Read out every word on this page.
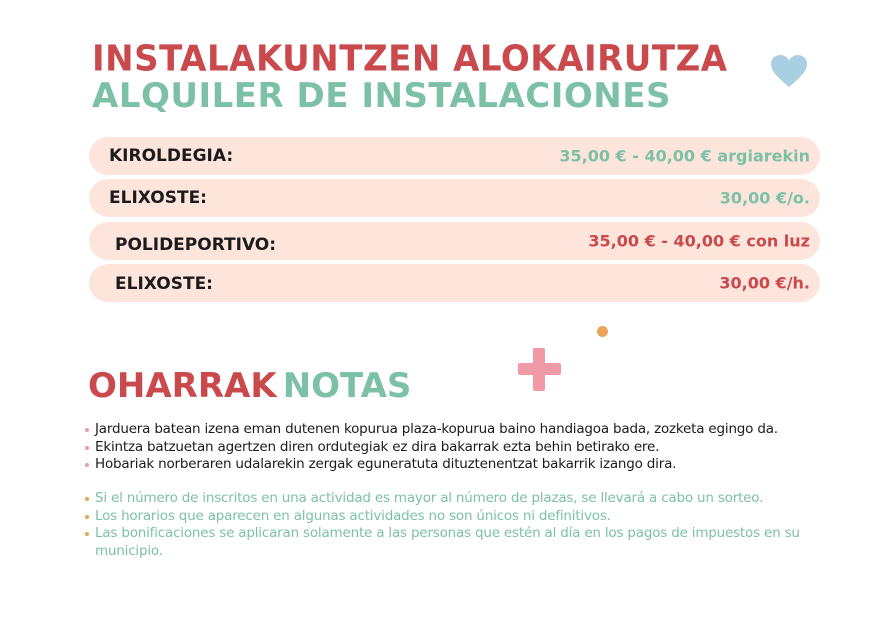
INSTALAKUNTZEN ALOKAIRUTZA
ALQUILER DE INSTALACIONES
KIROLDEGIA:	35,00 € - 40,00 € argiarekin
ELIXOSTE:	30,00 €/o.
POLIDEPORTIVO:	35,00 € - 40,00 € con luz
ELIXOSTE:	30,00 €/h.
OHARRAK NOTAS
Jarduera batean izena eman dutenen kopurua plaza-kopurua baino handiagoa bada, zozketa egingo da.
Ekintza batzuetan agertzen diren ordutegiak ez dira bakarrak ezta behin betirako ere.
Hobariak norberaren udalarekin zergak eguneratuta dituztenentzat bakarrik izango dira.
Si el número de inscritos en una actividad es mayor al número de plazas, se llevará a cabo un sorteo.
Los horarios que aparecen en algunas actividades no son únicos ni definitivos.
Las bonificaciones se aplicaran solamente a las personas que estén al día en los pagos de impuestos en su municipio.
